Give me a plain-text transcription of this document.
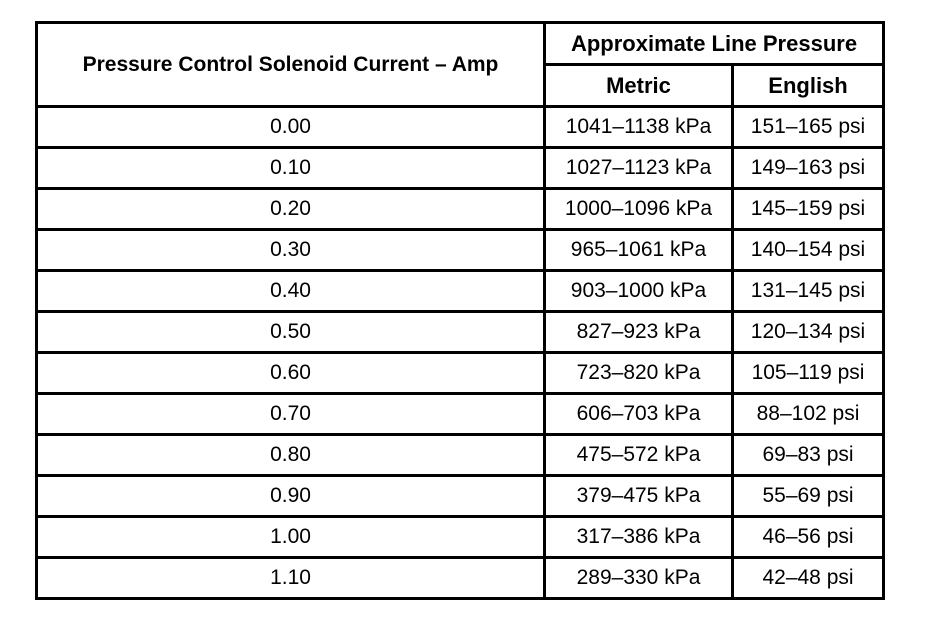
Pressure Control Solenoid Current – Amp	Approximate Line Pressure	
	Metric	English
0.00	1041–1138 kPa	151–165 psi
0.10	1027–1123 kPa	149–163 psi
0.20	1000–1096 kPa	145–159 psi
0.30	965–1061 kPa	140–154 psi
0.40	903–1000 kPa	131–145 psi
0.50	827–923 kPa	120–134 psi
0.60	723–820 kPa	105–119 psi
0.70	606–703 kPa	88–102 psi
0.80	475–572 kPa	69–83 psi
0.90	379–475 kPa	55–69 psi
1.00	317–386 kPa	46–56 psi
1.10	289–330 kPa	42–48 psi
